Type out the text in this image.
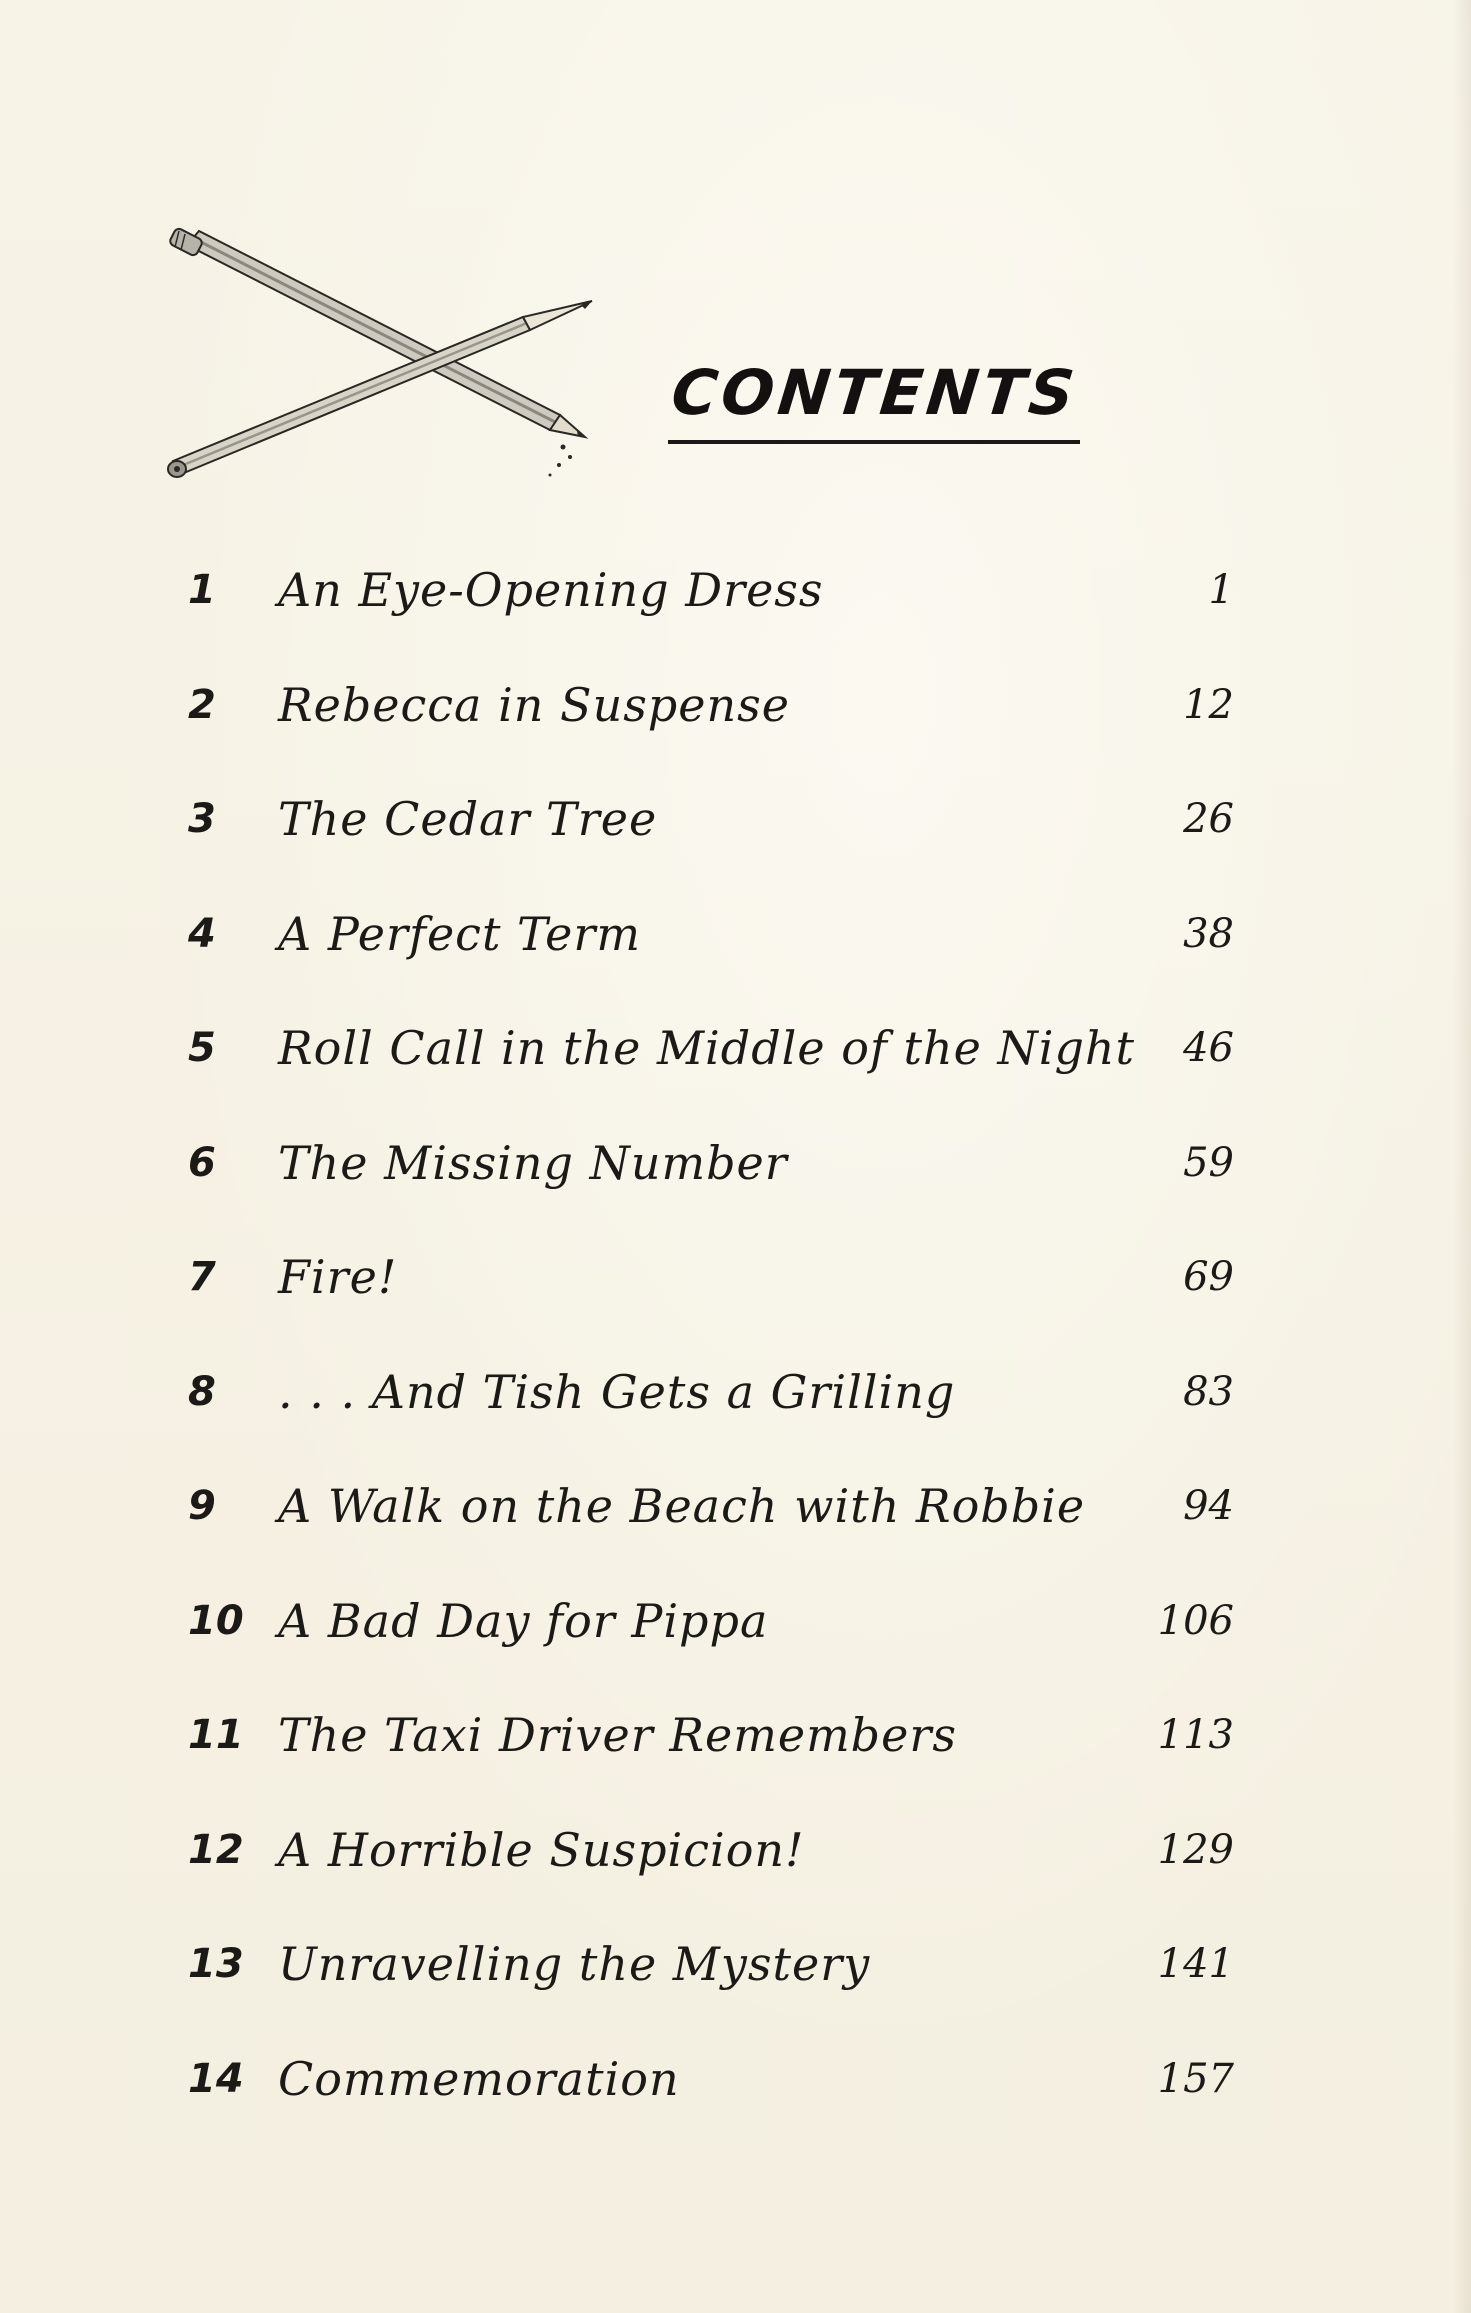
CONTENTS
1	An Eye-Opening Dress	1
2	Rebecca in Suspense	12
3	The Cedar Tree	26
4	A Perfect Term	38
5	Roll Call in the Middle of the Night	46
6	The Missing Number	59
7	Fire!	69
8	. . . And Tish Gets a Grilling	83
9	A Walk on the Beach with Robbie	94
10 A Bad Day for Pippa	106
11 The Taxi Driver Remembers	113
12 A Horrible Suspicion!	129
13 Unravelling the Mystery	141
14 Commemoration	157
